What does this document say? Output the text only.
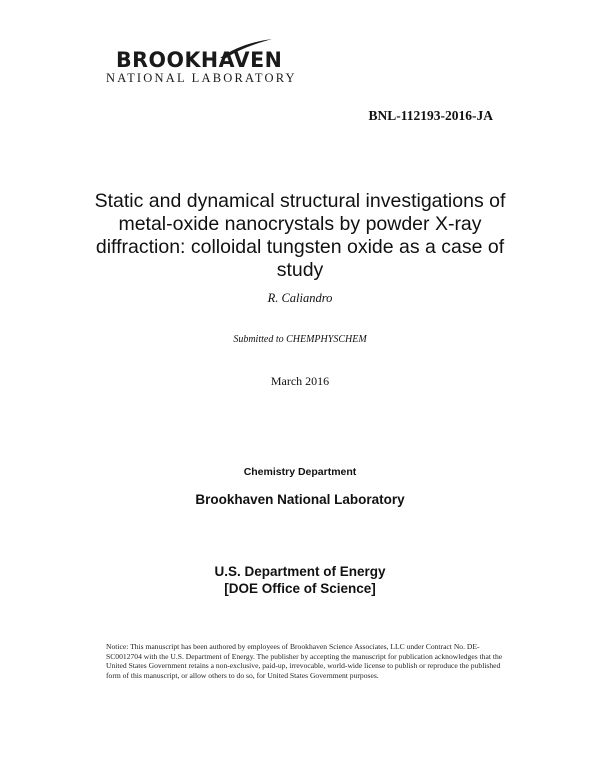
BROOKHAVEN
NATIONAL LABORATORY
BNL-112193-2016-JA
Static and dynamical structural investigations of metal-oxide nanocrystals by powder X-ray diffraction: colloidal tungsten oxide as a case of study
R. Caliandro
Submitted to CHEMPHYSCHEM
March 2016
Chemistry Department
Brookhaven National Laboratory
U.S. Department of Energy
[DOE Office of Science]
Notice: This manuscript has been authored by employees of Brookhaven Science Associates, LLC under Contract No. DE- SC0012704 with the U.S. Department of Energy. The publisher by accepting the manuscript for publication acknowledges that the United States Government retains a non-exclusive, paid-up, irrevocable, world-wide license to publish or reproduce the published form of this manuscript, or allow others to do so, for United States Government purposes.
